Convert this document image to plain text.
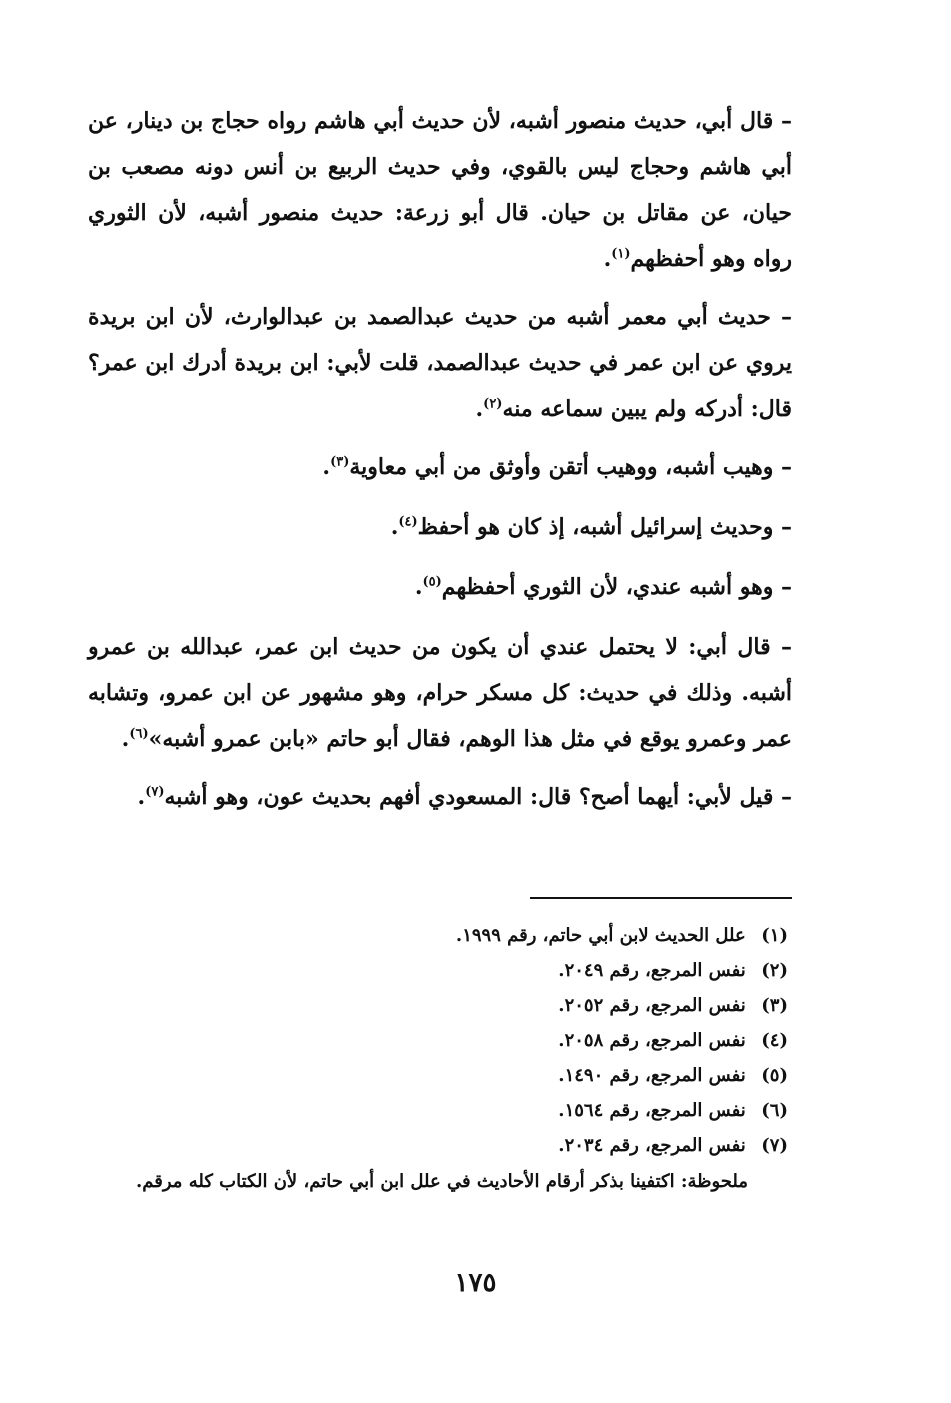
– قال أبي، حديث منصور أشبه، لأن حديث أبي هاشم رواه حجاج بن دينار، عن أبي هاشم وحجاج ليس بالقوي، وفي حديث الربيع بن أنس دونه مصعب بن حيان، عن مقاتل بن حيان. قال أبو زرعة: حديث منصور أشبه، لأن الثوري رواه وهو أحفظهم$^{(١)}$.

– حديث أبي معمر أشبه من حديث عبدالصمد بن عبدالوارث، لأن ابن بريدة يروي عن ابن عمر في حديث عبدالصمد، قلت لأبي: ابن بريدة أدرك ابن عمر؟ قال: أدركه ولم يبين سماعه منه$^{(٢)}$.

– وهيب أشبه، ووهيب أتقن وأوثق من أبي معاوية$^{(٣)}$.

– وحديث إسرائيل أشبه، إذ كان هو أحفظ$^{(٤)}$.

– وهو أشبه عندي، لأن الثوري أحفظهم$^{(٥)}$.

– قال أبي: لا يحتمل عندي أن يكون من حديث ابن عمر، عبدالله بن عمرو أشبه. وذلك في حديث: كل مسكر حرام، وهو مشهور عن ابن عمرو، وتشابه عمر وعمرو يوقع في مثل هذا الوهم، فقال أبو حاتم «بابن عمرو أشبه»$^{(٦)}$.

– قيل لأبي: أيهما أصح؟ قال: المسعودي أفهم بحديث عون، وهو أشبه$^{(٧)}$.

(١) علل الحديث لابن أبي حاتم، رقم ١٩٩٩.
(٢) نفس المرجع، رقم ٢٠٤٩.
(٣) نفس المرجع، رقم ٢٠٥٢.
(٤) نفس المرجع، رقم ٢٠٥٨.
(٥) نفس المرجع، رقم ١٤٩٠.
(٦) نفس المرجع، رقم ١٥٦٤.
(٧) نفس المرجع، رقم ٢٠٣٤.
ملحوظة: اكتفينا بذكر أرقام الأحاديث في علل ابن أبي حاتم، لأن الكتاب كله مرقم.
١٧٥
